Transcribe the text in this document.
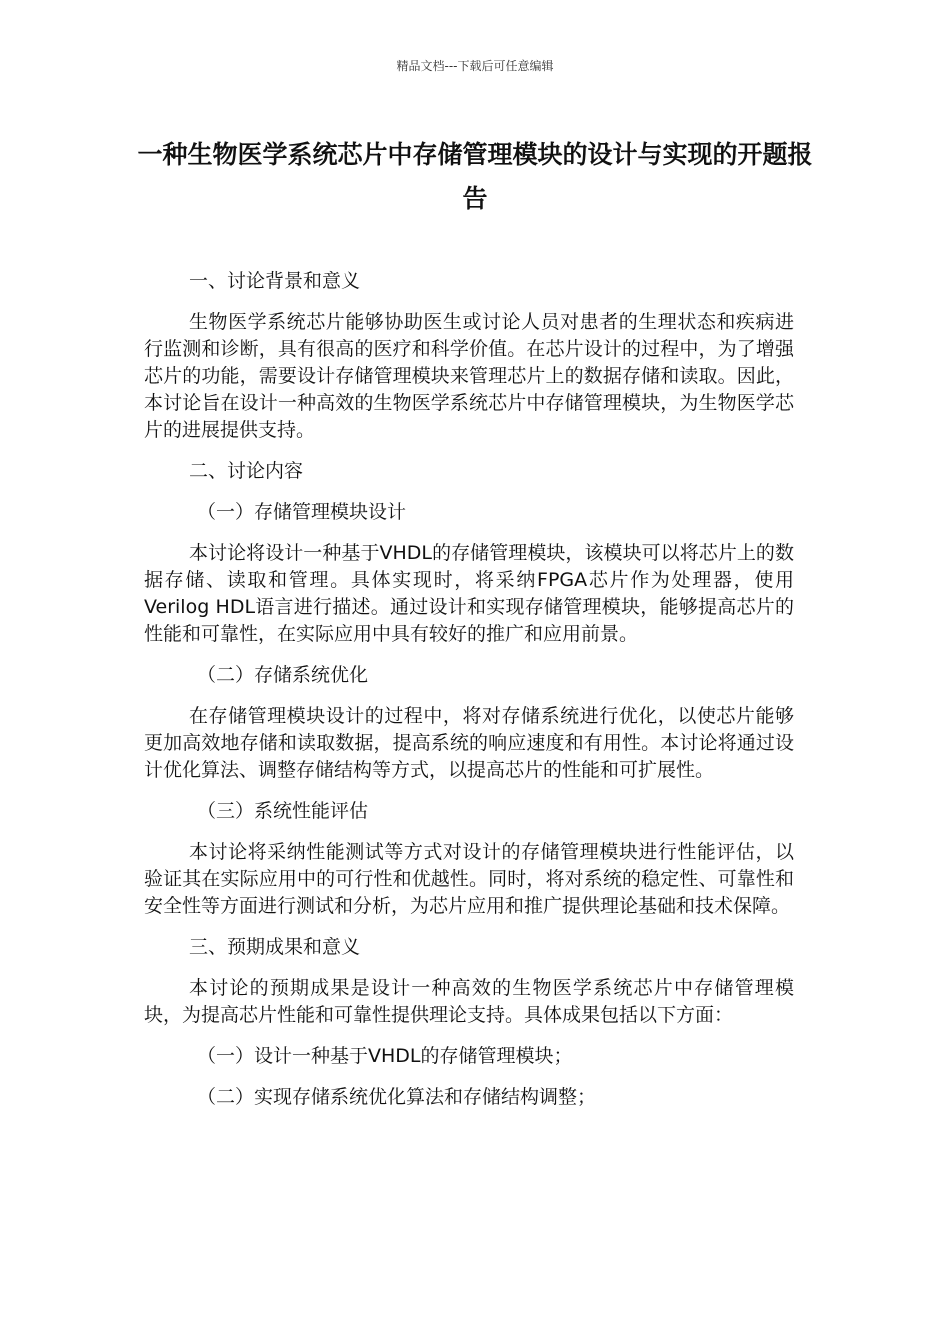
精品文档---下载后可任意编辑
一种生物医学系统芯片中存储管理模块的设计与实现的开题报告

一、讨论背景和意义

生物医学系统芯片能够协助医生或讨论人员对患者的生理状态和疾病进行监测和诊断，具有很高的医疗和科学价值。在芯片设计的过程中，为了增强芯片的功能，需要设计存储管理模块来管理芯片上的数据存储和读取。因此，本讨论旨在设计一种高效的生物医学系统芯片中存储管理模块，为生物医学芯片的进展提供支持。

二、讨论内容

（一）存储管理模块设计

本讨论将设计一种基于VHDL的存储管理模块，该模块可以将芯片上的数据存储、读取和管理。具体实现时，将采纳FPGA芯片作为处理器，使用Verilog HDL语言进行描述。通过设计和实现存储管理模块，能够提高芯片的性能和可靠性，在实际应用中具有较好的推广和应用前景。

（二）存储系统优化

在存储管理模块设计的过程中，将对存储系统进行优化，以使芯片能够更加高效地存储和读取数据，提高系统的响应速度和有用性。本讨论将通过设计优化算法、调整存储结构等方式，以提高芯片的性能和可扩展性。

（三）系统性能评估

本讨论将采纳性能测试等方式对设计的存储管理模块进行性能评估，以验证其在实际应用中的可行性和优越性。同时，将对系统的稳定性、可靠性和安全性等方面进行测试和分析，为芯片应用和推广提供理论基础和技术保障。

三、预期成果和意义

本讨论的预期成果是设计一种高效的生物医学系统芯片中存储管理模块，为提高芯片性能和可靠性提供理论支持。具体成果包括以下方面：

（一）设计一种基于VHDL的存储管理模块；

（二）实现存储系统优化算法和存储结构调整；
